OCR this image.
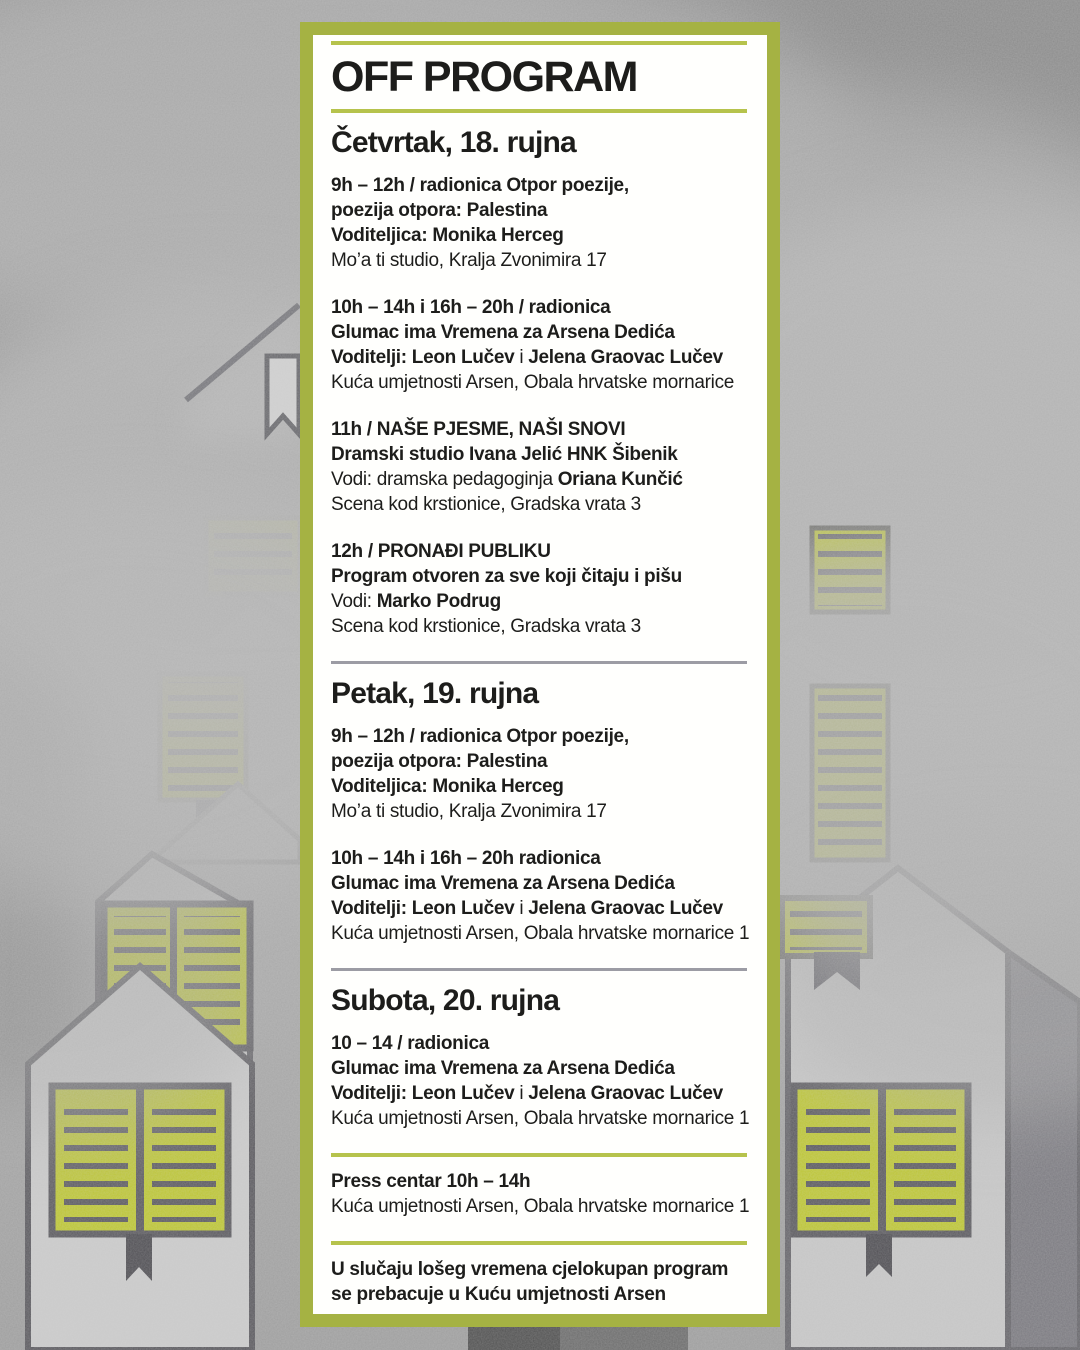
OFF PROGRAM
Četvrtak, 18. rujna

9h – 12h / radionica Otpor poezije,

poezija otpora: Palestina

Voditeljica: Monika Herceg

Mo’a ti studio, Kralja Zvonimira 17

10h – 14h i 16h – 20h / radionica

Glumac ima Vremena za Arsena Dedića

Voditelji: Leon Lučev i Jelena Graovac Lučev

Kuća umjetnosti Arsen, Obala hrvatske mornarice

11h / NAŠE PJESME, NAŠI SNOVI

Dramski studio Ivana Jelić HNK Šibenik

Vodi: dramska pedagoginja Oriana Kunčić

Scena kod krstionice, Gradska vrata 3

12h / PRONAĐI PUBLIKU

Program otvoren za sve koji čitaju i pišu

Vodi: Marko Podrug

Scena kod krstionice, Gradska vrata 3

Petak, 19. rujna

9h – 12h / radionica Otpor poezije,

poezija otpora: Palestina

Voditeljica: Monika Herceg

Mo’a ti studio, Kralja Zvonimira 17

10h – 14h i 16h – 20h radionica

Glumac ima Vremena za Arsena Dedića

Voditelji: Leon Lučev i Jelena Graovac Lučev

Kuća umjetnosti Arsen, Obala hrvatske mornarice 1

Subota, 20. rujna

10 – 14 / radionica

Glumac ima Vremena za Arsena Dedića

Voditelji: Leon Lučev i Jelena Graovac Lučev

Kuća umjetnosti Arsen, Obala hrvatske mornarice 1

Press centar 10h – 14h

Kuća umjetnosti Arsen, Obala hrvatske mornarice 1

U slučaju lošeg vremena cjelokupan program

se prebacuje u Kuću umjetnosti Arsen
